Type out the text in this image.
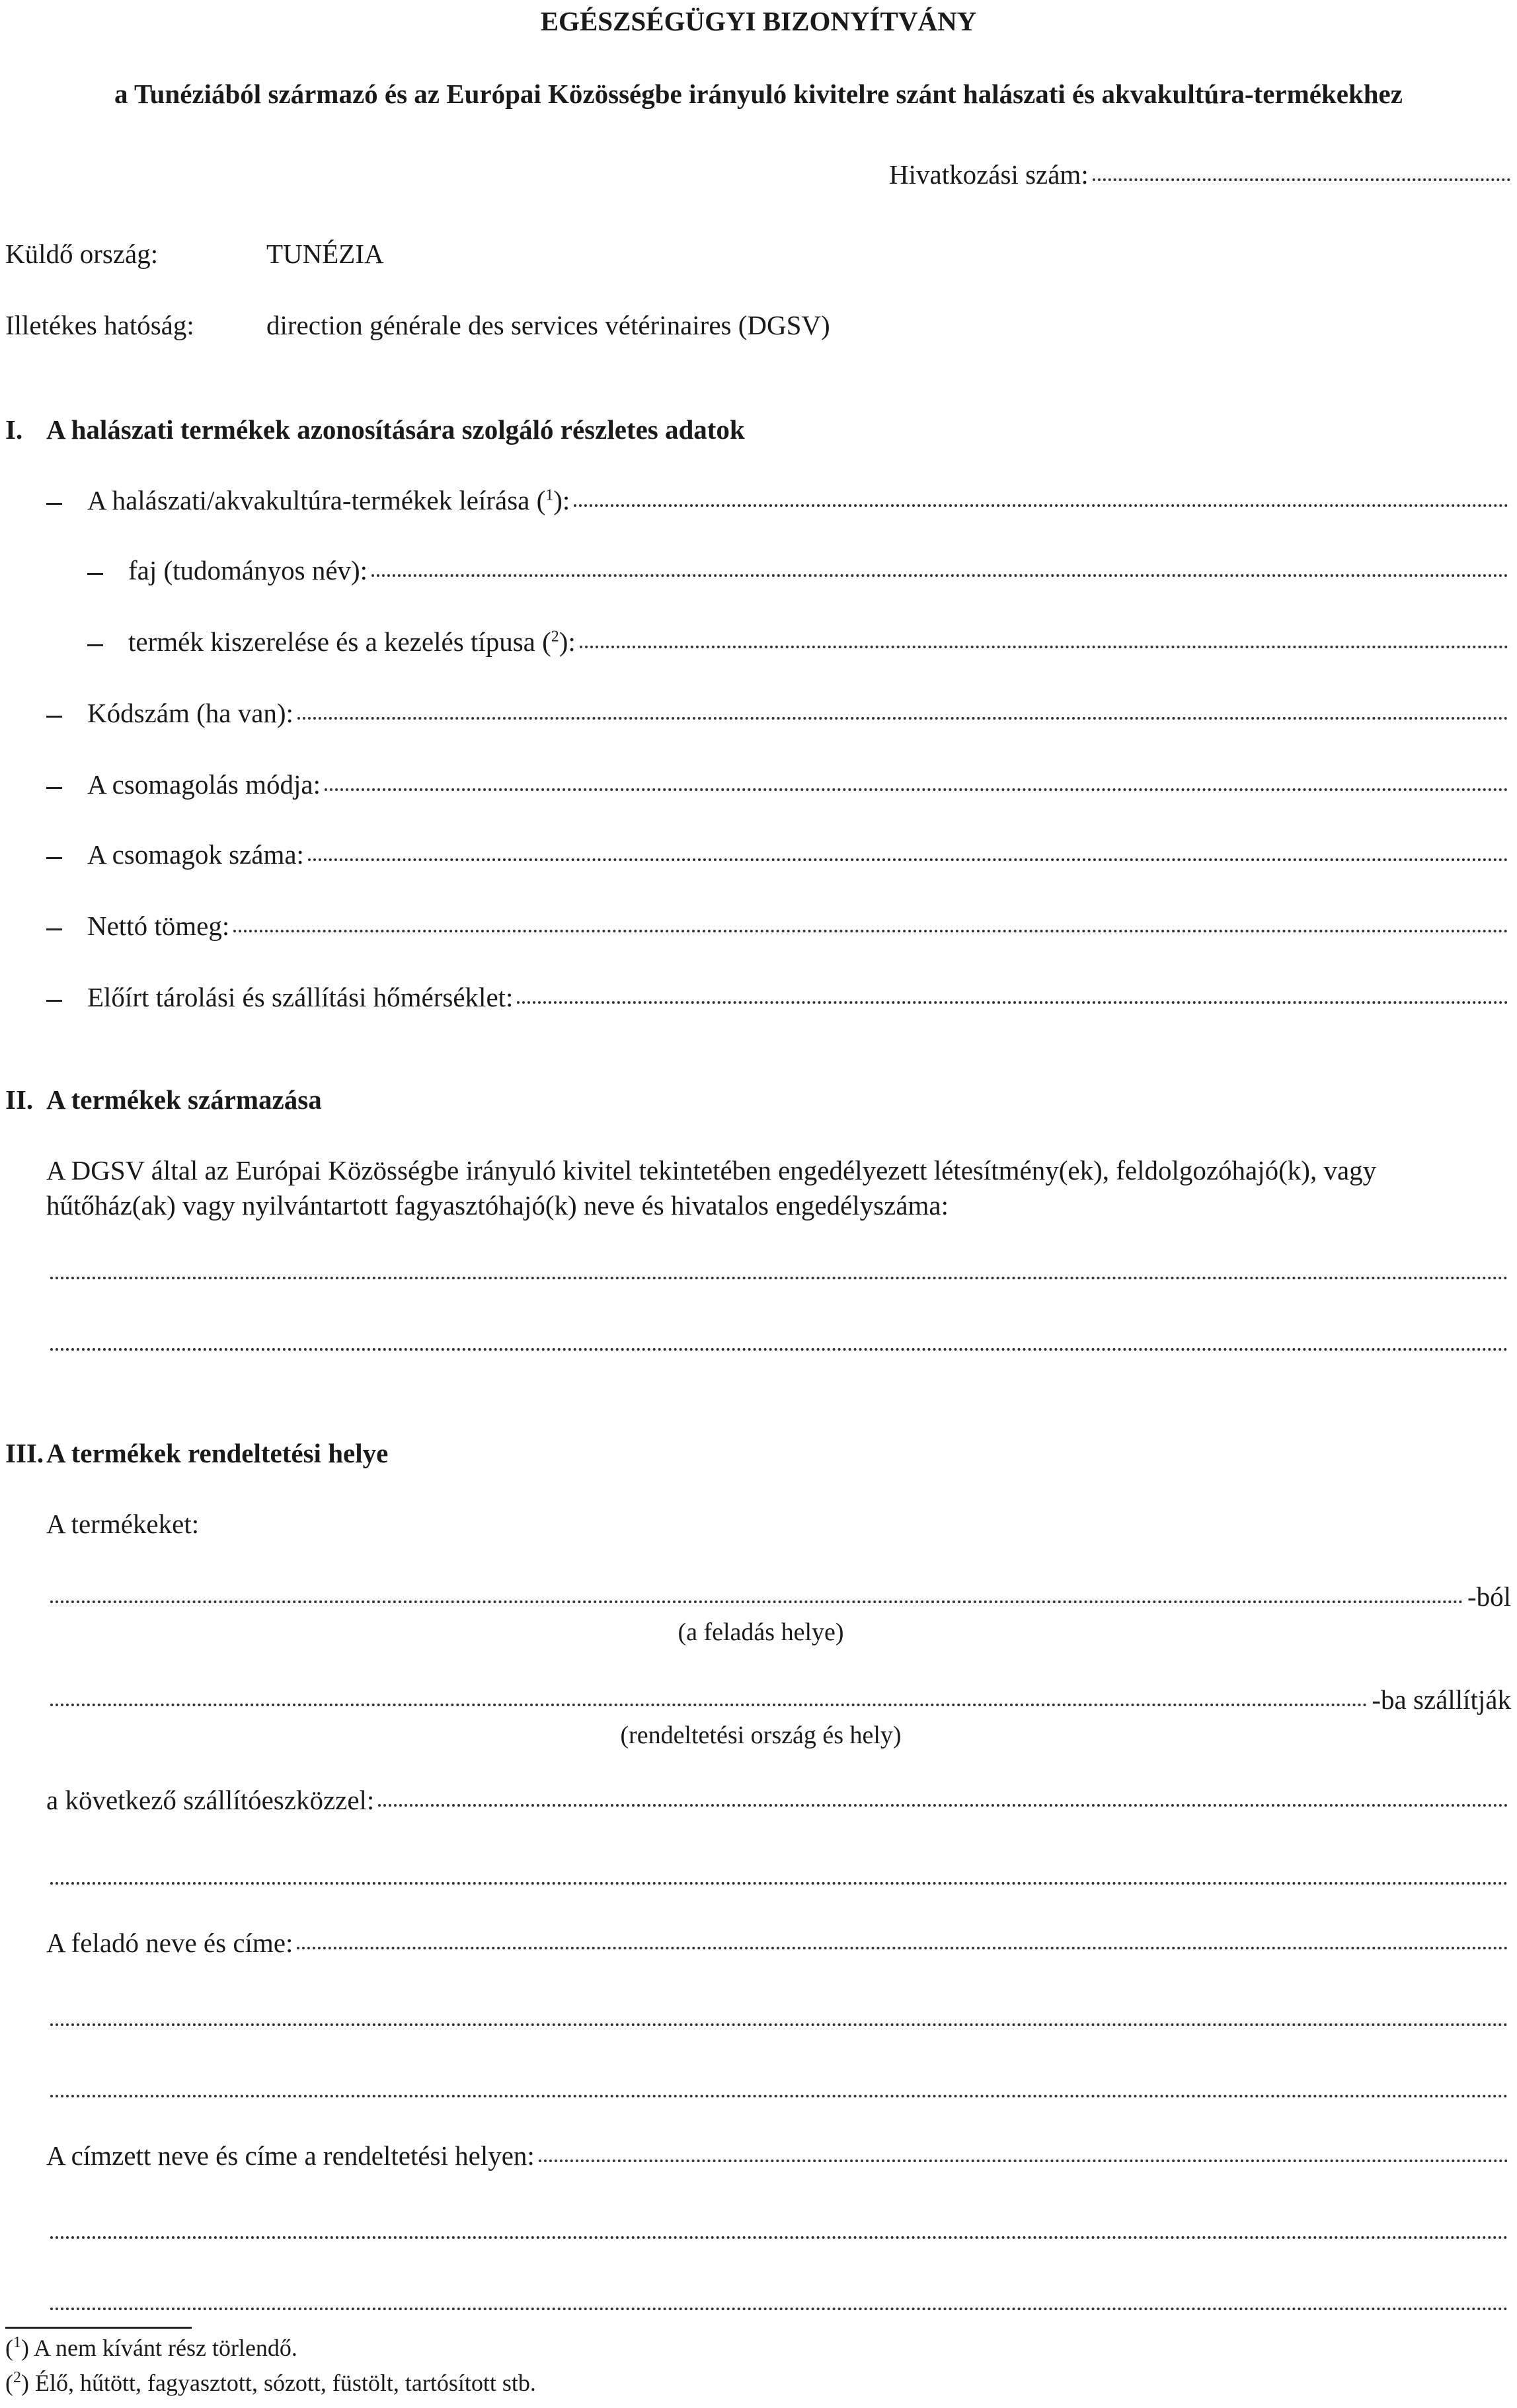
EGÉSZSÉGÜGYI BIZONYÍTVÁNY
a Tunéziából származó és az Európai Közösségbe irányuló kivitelre szánt halászati és akvakultúra-termékekhez
Hivatkozási szám:
Küldő ország:	TUNÉZIA
Illetékes hatóság:	direction générale des services vétérinaires (DGSV)
I. A halászati termékek azonosítására szolgáló részletes adatok
A halászati/akvakultúra-termékek leírása ($^1$):
faj (tudományos név):
termék kiszerelése és a kezelés típusa ($^2$):
Kódszám (ha van):
A csomagolás módja:
A csomagok száma:
Nettó tömeg:
Előírt tárolási és szállítási hőmérséklet:
II. A termékek származása
A DGSV által az Európai Közösségbe irányuló kivitel tekintetében engedélyezett létesítmény(ek), feldolgozóhajó(k), vagy
hűtőház(ak) vagy nyilvántartott fagyasztóhajó(k) neve és hivatalos engedélyszáma:
III. A termékek rendeltetési helye
A termékeket:
-ból
(a feladás helye)
-ba szállítják
(rendeltetési ország és hely)
a következő szállítóeszközzel:
A feladó neve és címe:
A címzett neve és címe a rendeltetési helyen:
($^1$) A nem kívánt rész törlendő.
($^2$) Élő, hűtött, fagyasztott, sózott, füstölt, tartósított stb.
